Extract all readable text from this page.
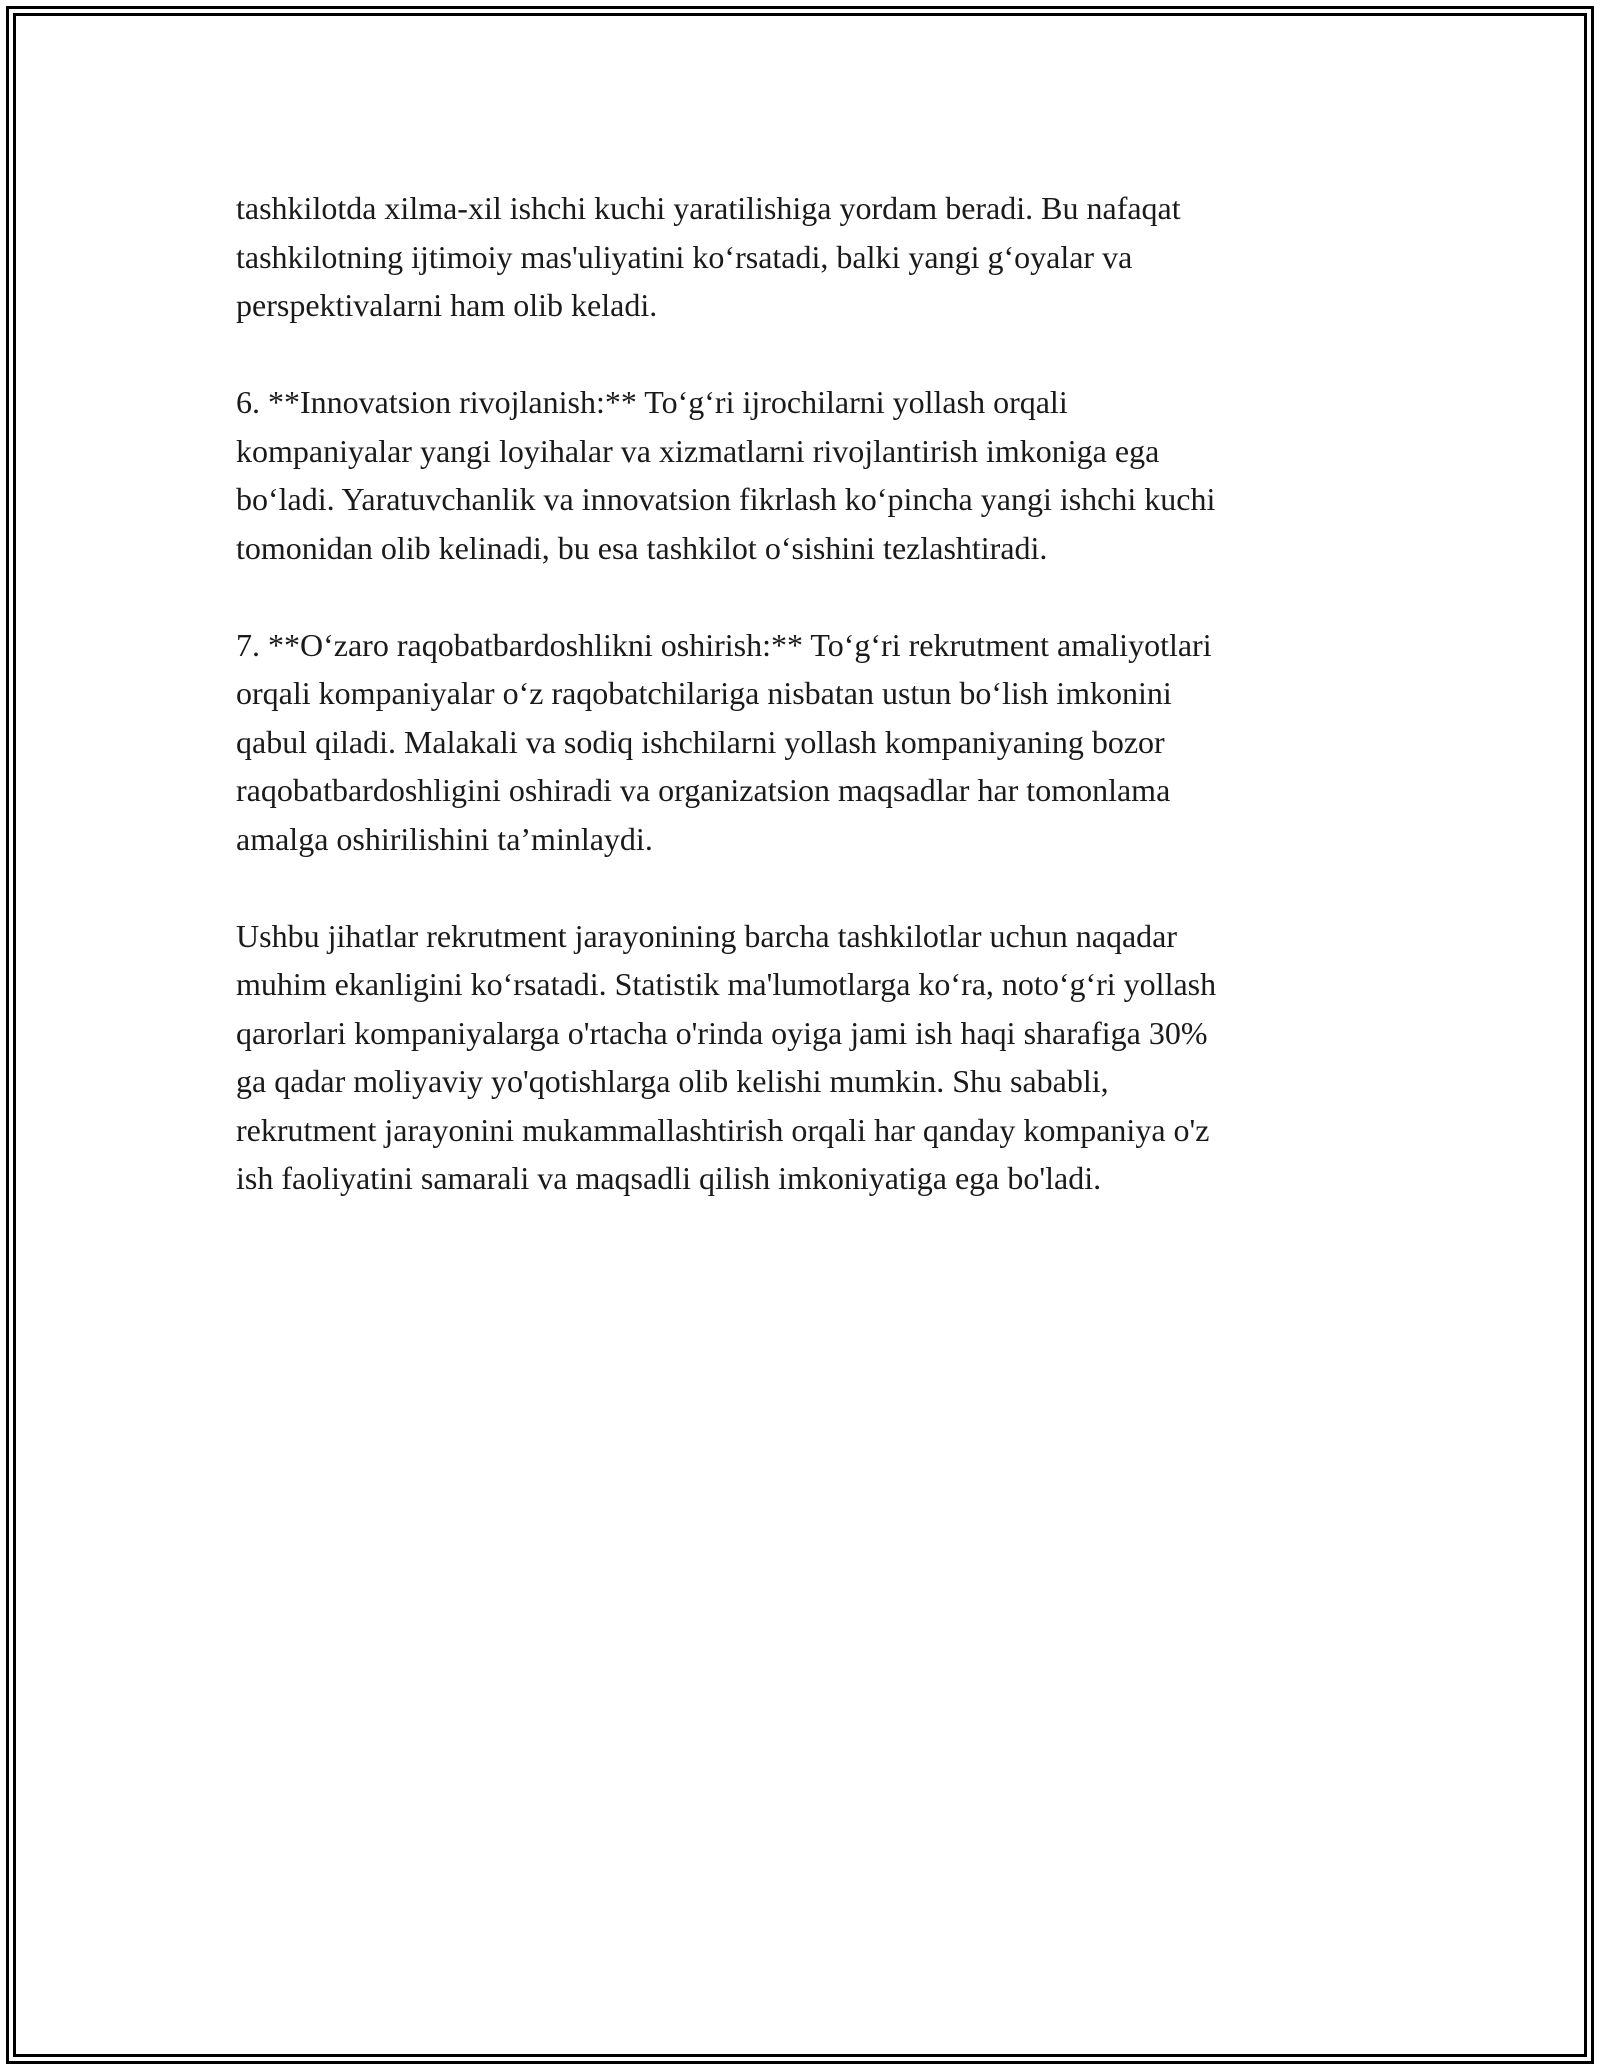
tashkilotda xilma-xil ishchi kuchi yaratilishiga yordam beradi. Bu nafaqat
tashkilotning ijtimoiy mas'uliyatini ko‘rsatadi, balki yangi g‘oyalar va
perspektivalarni ham olib keladi.

6. **Innovatsion rivojlanish:** To‘g‘ri ijrochilarni yollash orqali
kompaniyalar yangi loyihalar va xizmatlarni rivojlantirish imkoniga ega
bo‘ladi. Yaratuvchanlik va innovatsion fikrlash ko‘pincha yangi ishchi kuchi
tomonidan olib kelinadi, bu esa tashkilot o‘sishini tezlashtiradi.

7. **O‘zaro raqobatbardoshlikni oshirish:** To‘g‘ri rekrutment amaliyotlari
orqali kompaniyalar o‘z raqobatchilariga nisbatan ustun bo‘lish imkonini
qabul qiladi. Malakali va sodiq ishchilarni yollash kompaniyaning bozor
raqobatbardoshligini oshiradi va organizatsion maqsadlar har tomonlama
amalga oshirilishini ta’minlaydi.

Ushbu jihatlar rekrutment jarayonining barcha tashkilotlar uchun naqadar
muhim ekanligini ko‘rsatadi. Statistik ma'lumotlarga ko‘ra, noto‘g‘ri yollash
qarorlari kompaniyalarga o'rtacha o'rinda oyiga jami ish haqi sharafiga 30%
ga qadar moliyaviy yo'qotishlarga olib kelishi mumkin. Shu sababli,
rekrutment jarayonini mukammallashtirish orqali har qanday kompaniya o'z
ish faoliyatini samarali va maqsadli qilish imkoniyatiga ega bo'ladi.
